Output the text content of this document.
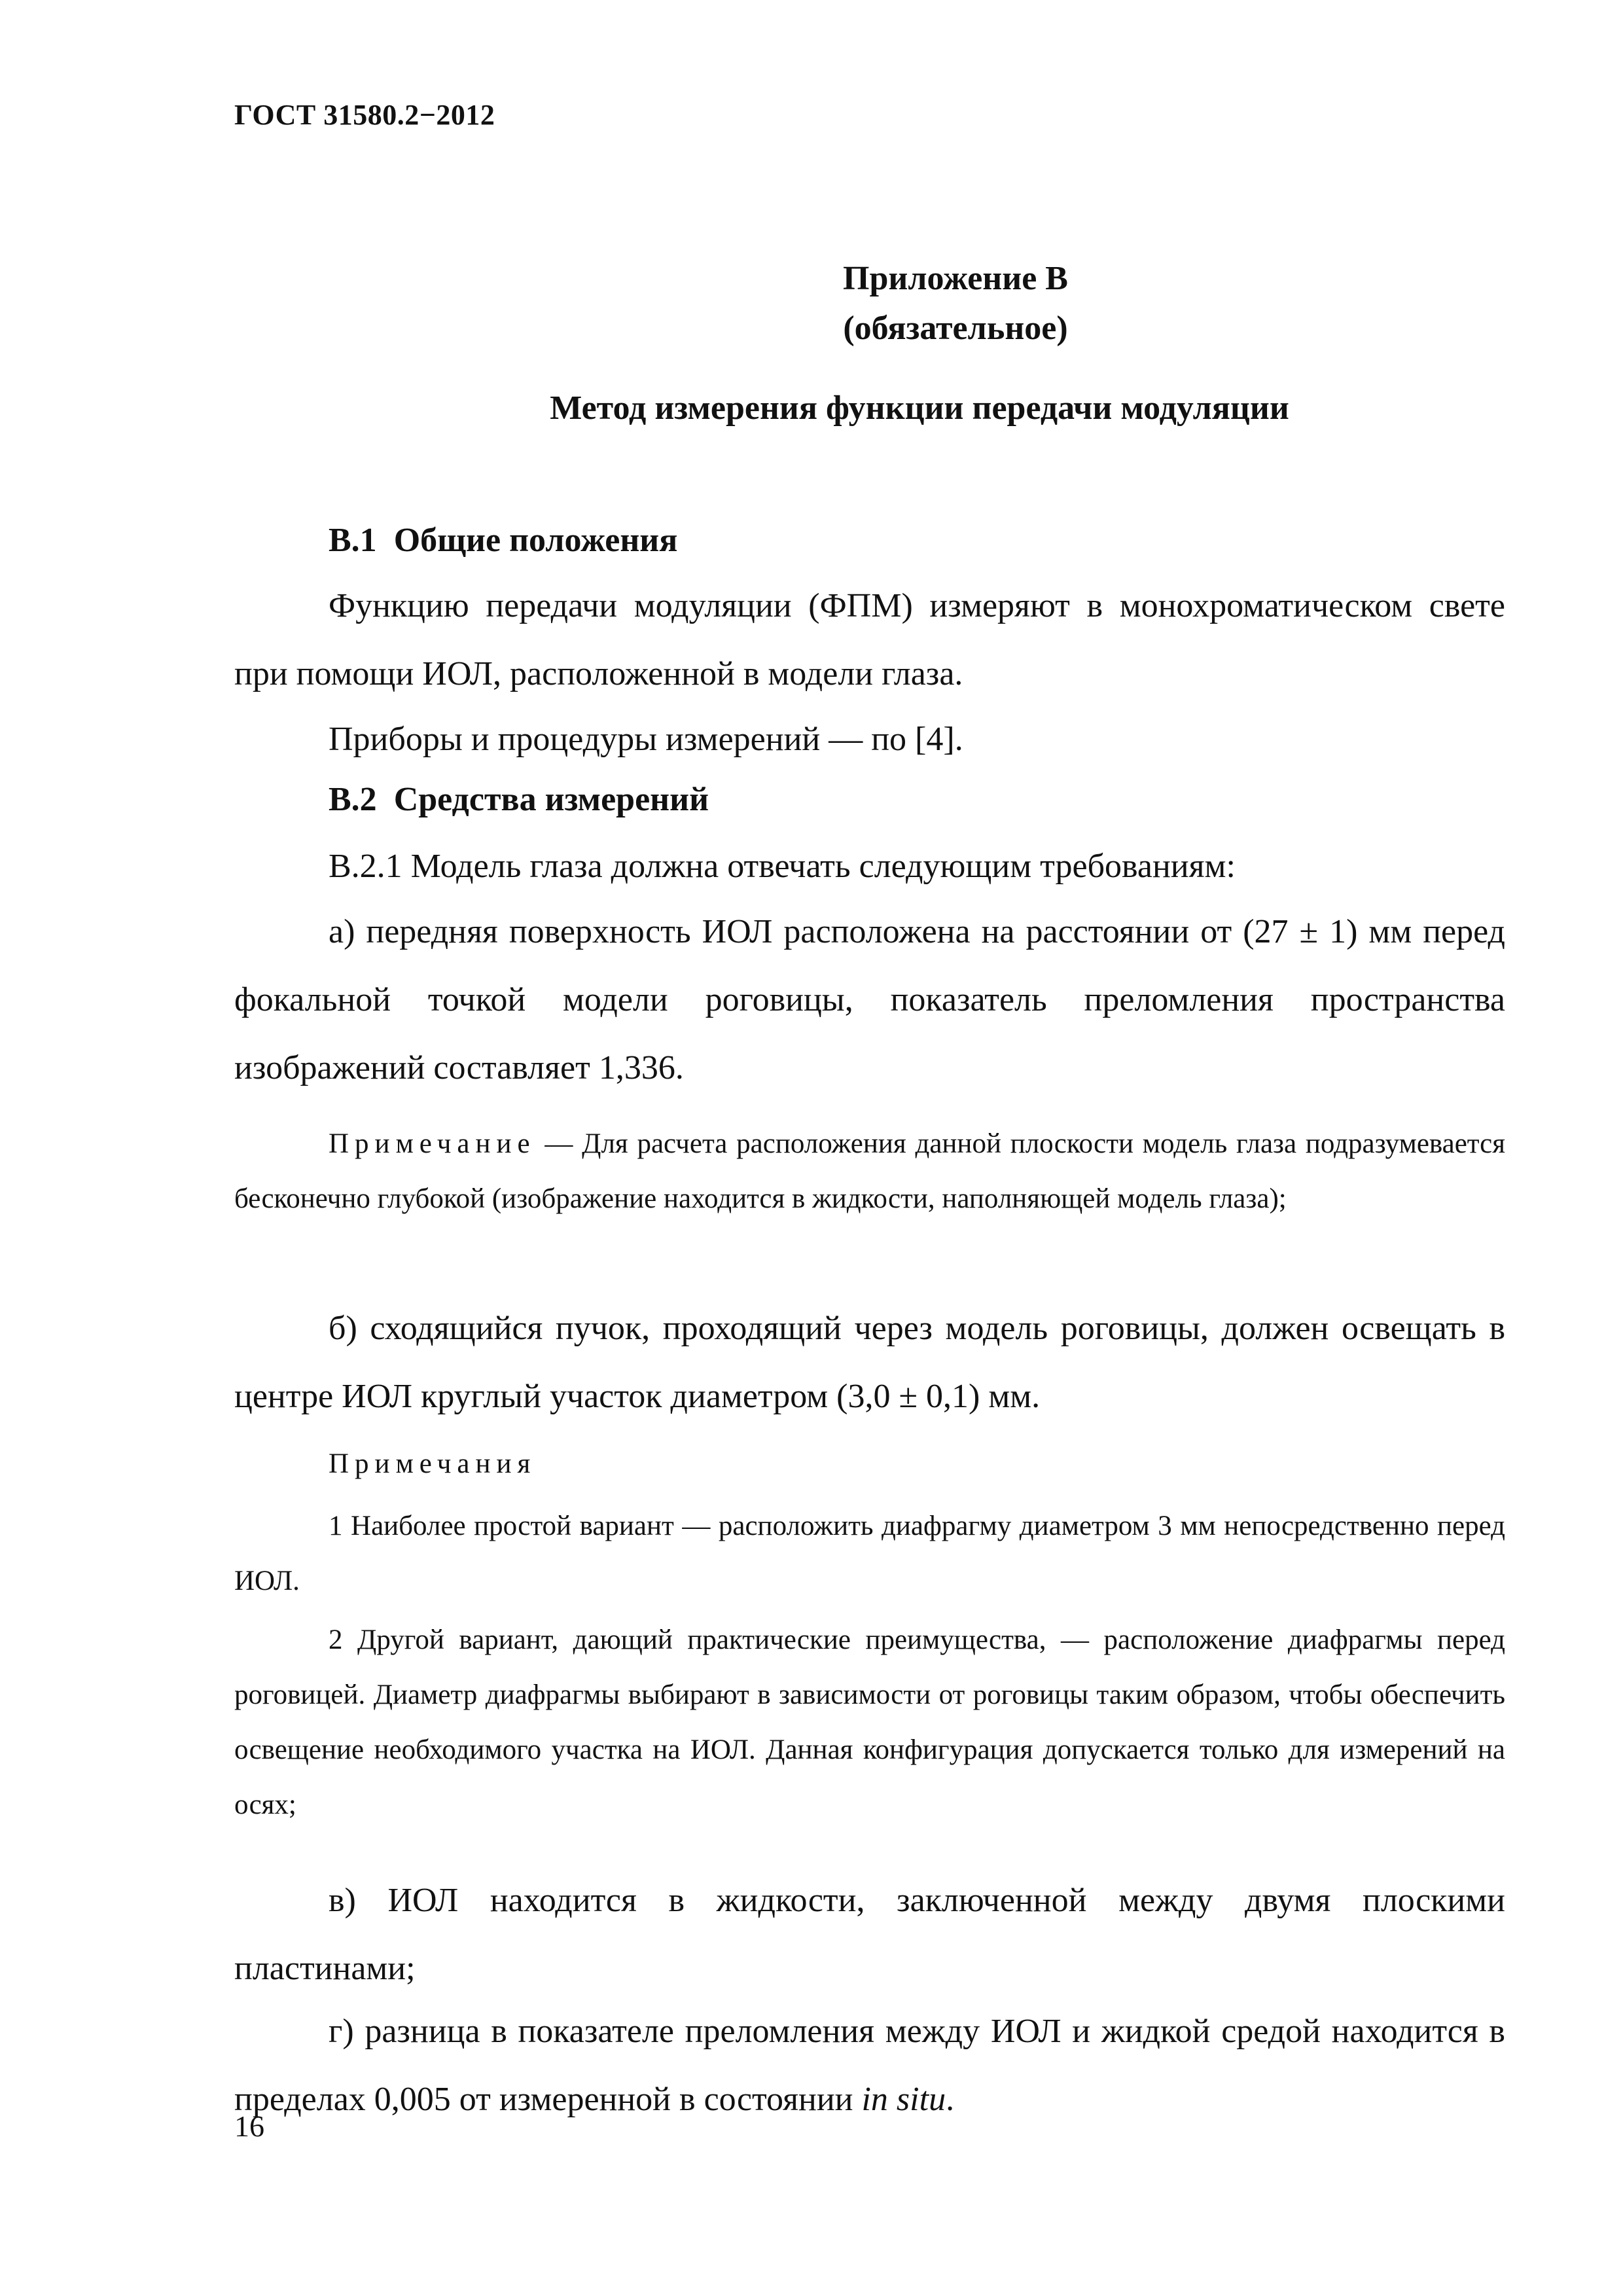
ГОСТ 31580.2−2012
Приложение В
(обязательное)
Метод измерения функции передачи модуляции
В.1 Общие положения

Функцию передачи модуляции (ФПМ) измеряют в монохроматическом свете при помощи ИОЛ, расположенной в модели глаза.

Приборы и процедуры измерений — по [4].

В.2 Средства измерений

В.2.1 Модель глаза должна отвечать следующим требованиям:

а) передняя поверхность ИОЛ расположена на расстоянии от (27 ± 1) мм перед фокальной точкой модели роговицы, показатель преломления пространства изображений составляет 1,336.

Примечание — Для расчета расположения данной плоскости модель глаза подразумевается бесконечно глубокой (изображение находится в жидкости, наполняющей модель глаза);

б) сходящийся пучок, проходящий через модель роговицы, должен освещать в центре ИОЛ круглый участок диаметром (3,0 ± 0,1) мм.

Примечания

1 Наиболее простой вариант — расположить диафрагму диаметром 3 мм непосредственно перед ИОЛ.

2 Другой вариант, дающий практические преимущества, — расположение диафрагмы перед роговицей. Диаметр диафрагмы выбирают в зависимости от роговицы таким образом, чтобы обеспечить освещение необходимого участка на ИОЛ. Данная конфигурация допускается только для измерений на осях;

в) ИОЛ находится в жидкости, заключенной между двумя плоскими пластинами;

г) разница в показателе преломления между ИОЛ и жидкой средой находится в пределах 0,005 от измеренной в состоянии in situ.

16
